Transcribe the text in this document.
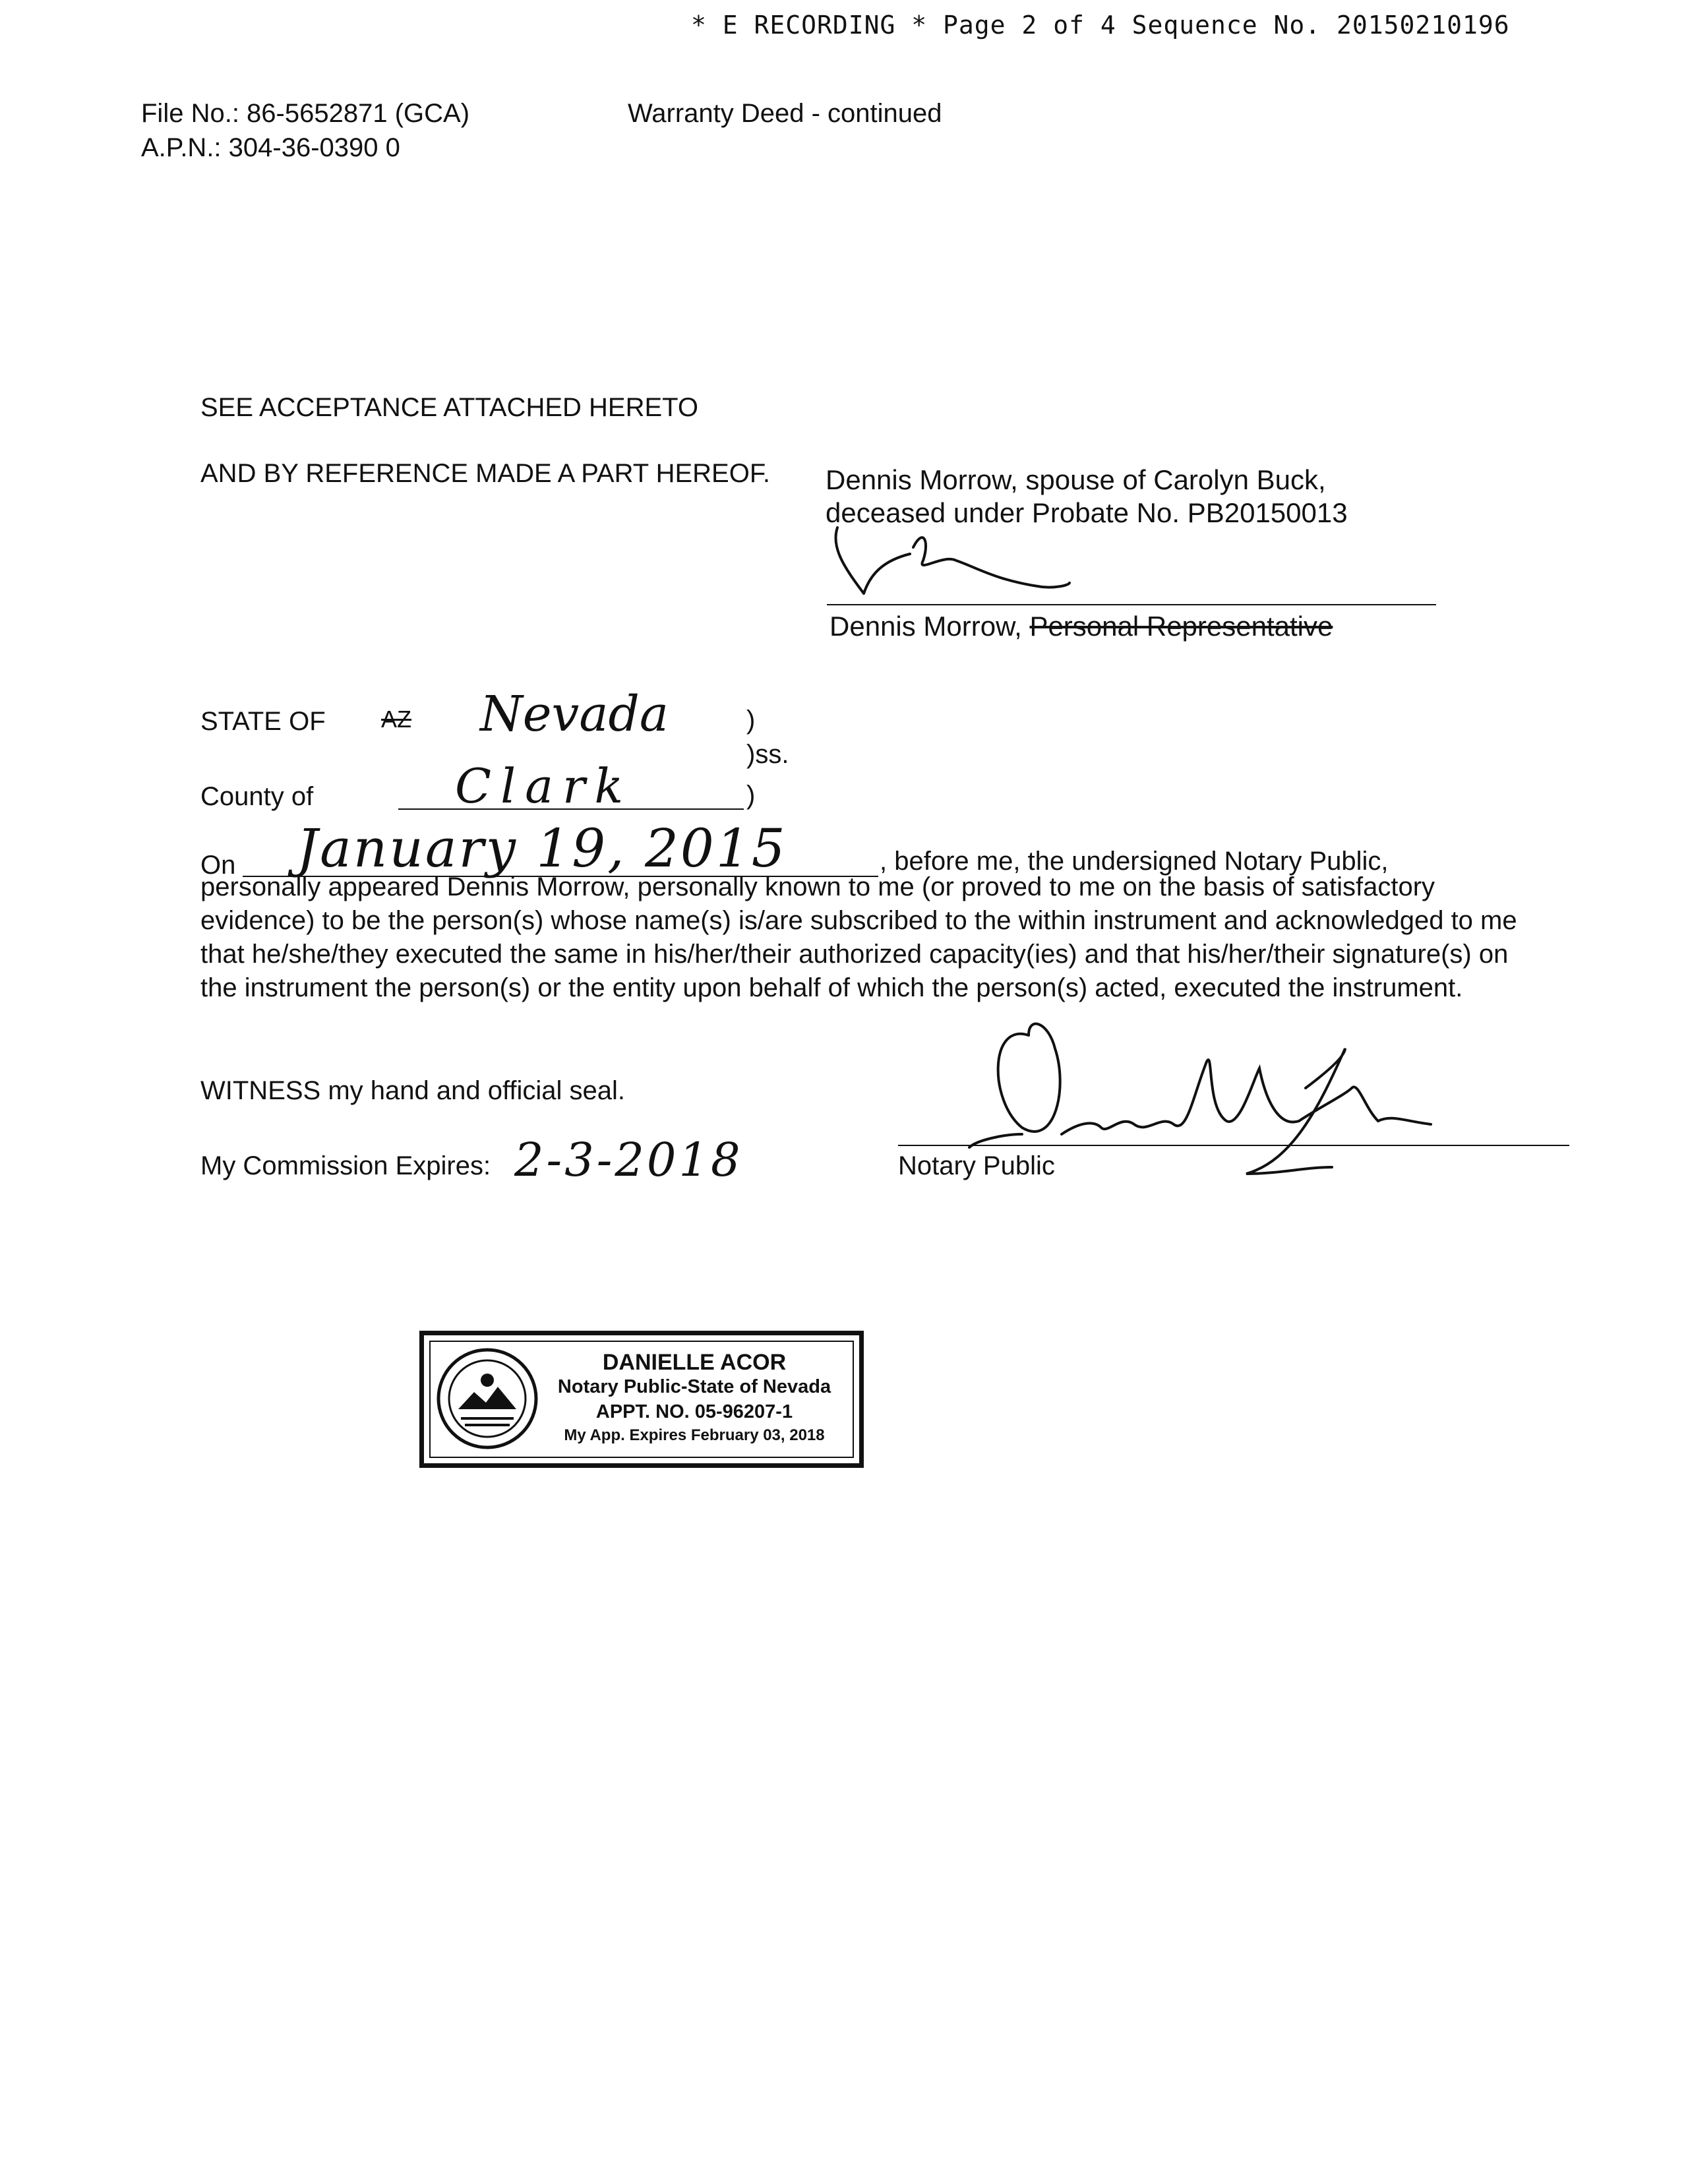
* E RECORDING * Page 2 of 4 Sequence No. 20150210196
File No.: 86-5652871 (GCA)
A.P.N.: 304-36-0390 0
Warranty Deed - continued
SEE ACCEPTANCE ATTACHED HERETO
AND BY REFERENCE MADE A PART HEREOF. Dennis Morrow, spouse of Carolyn Buck,
deceased under Probate No. PB20150013
Dennis Morrow, Personal Representative
STATE OF AZ Nevada	)
)ss.
County of	Clark	)
On January 19, 2015	, before me, the undersigned Notary Public,
personally appeared Dennis Morrow, personally known to me (or proved to me on the basis of satisfactory evidence) to be the person(s) whose name(s) is/are subscribed to the within instrument and acknowledged to me that he/she/they executed the same in his/her/their authorized capacity(ies) and that his/her/their signature(s) on the instrument the person(s) or the entity upon behalf of which the person(s) acted, executed the instrument.
WITNESS my hand and official seal.
Notary Public
My Commission Expires: 2-3-2018
DANIELLE ACOR
Notary Public-State of Nevada
APPT. NO. 05-96207-1
My App. Expires February 03, 2018
